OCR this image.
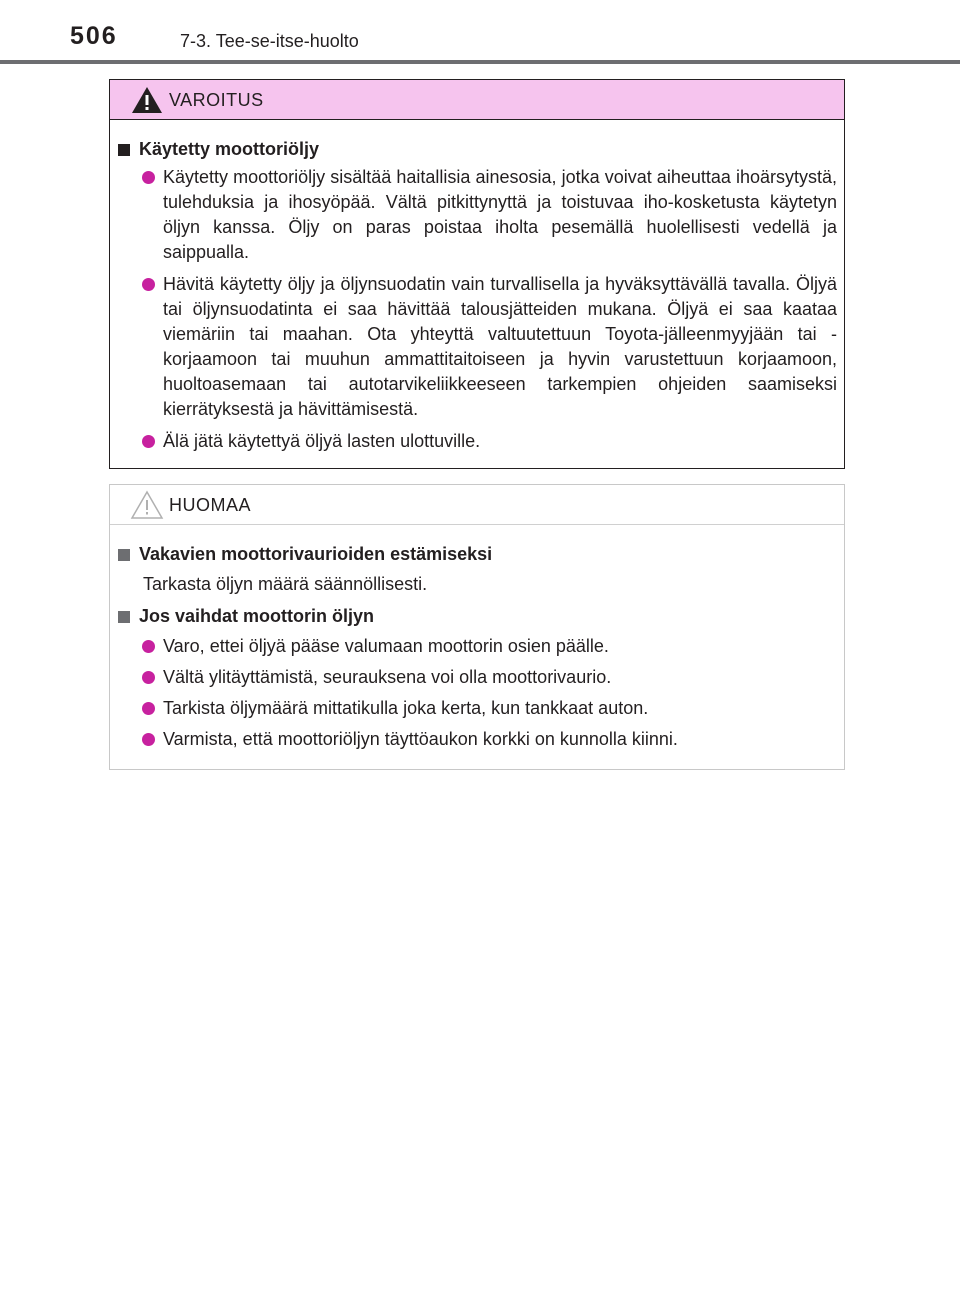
506	7-3. Tee-se-itse-huolto
VAROITUS
Käytetty moottoriöljy
Käytetty moottoriöljy sisältää haitallisia ainesosia, jotka voivat aiheuttaa ihoärsytystä, tulehduksia ja ihosyöpää. Vältä pitkittynyttä ja toistuvaa iho-kosketusta käytetyn öljyn kanssa. Öljy on paras poistaa iholta pesemällä huolellisesti vedellä ja saippualla.
Hävitä käytetty öljy ja öljynsuodatin vain turvallisella ja hyväksyttävällä tavalla. Öljyä tai öljynsuodatinta ei saa hävittää talousjätteiden mukana. Öljyä ei saa kaataa viemäriin tai maahan. Ota yhteyttä valtuutettuun Toyota-jälleenmyyjään tai -korjaamoon tai muuhun ammattitaitoiseen ja hyvin varustettuun korjaamoon, huoltoasemaan tai autotarvikeliikkeeseen tarkempien ohjeiden saamiseksi kierrätyksestä ja hävittämisestä.
Älä jätä käytettyä öljyä lasten ulottuville.
HUOMAA
Vakavien moottorivaurioiden estämiseksi
Tarkasta öljyn määrä säännöllisesti.
Jos vaihdat moottorin öljyn
Varo, ettei öljyä pääse valumaan moottorin osien päälle.
Vältä ylitäyttämistä, seurauksena voi olla moottorivaurio.
Tarkista öljymäärä mittatikulla joka kerta, kun tankkaat auton.
Varmista, että moottoriöljyn täyttöaukon korkki on kunnolla kiinni.
